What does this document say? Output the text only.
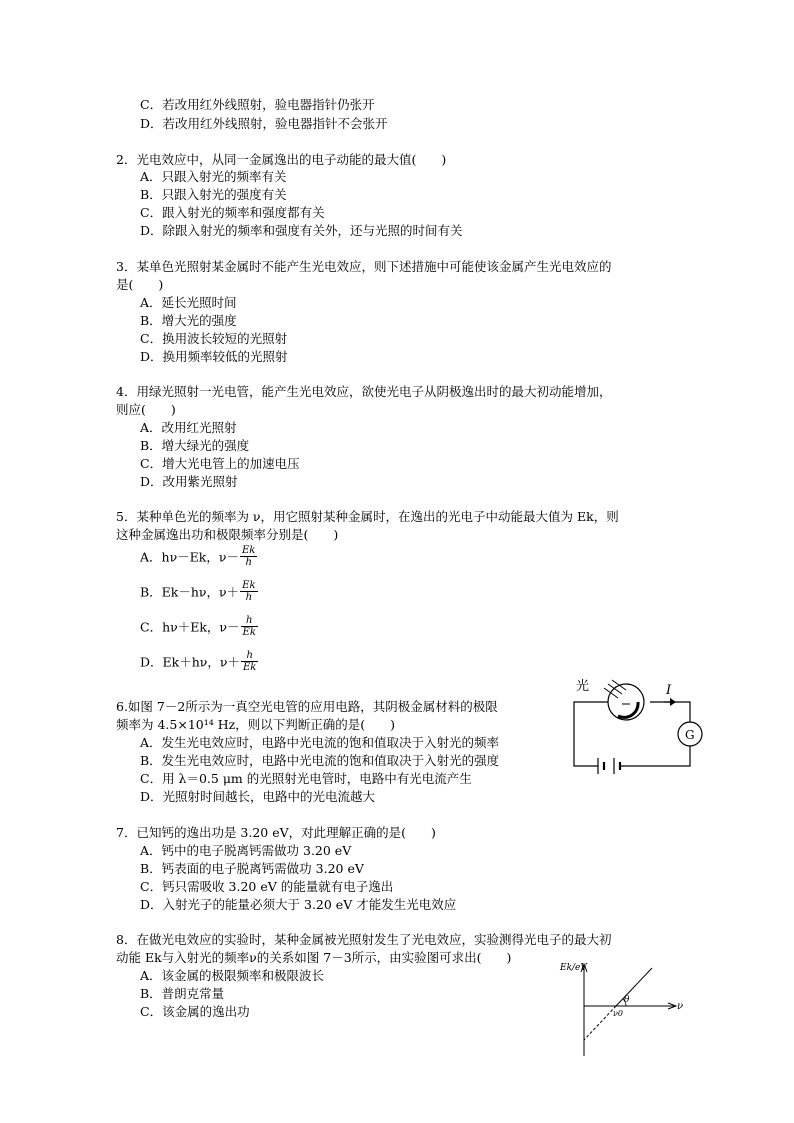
C．若改用红外线照射，验电器指针仍张开
D．若改用红外线照射，验电器指针不会张开
2．光电效应中，从同一金属逸出的电子动能的最大值(　　)
A．只跟入射光的频率有关
B．只跟入射光的强度有关
C．跟入射光的频率和强度都有关
D．除跟入射光的频率和强度有关外，还与光照的时间有关
3．某单色光照射某金属时不能产生光电效应，则下述措施中可能使该金属产生光电效应的
是(　　)
A．延长光照时间
B．增大光的强度
C．换用波长较短的光照射
D．换用频率较低的光照射
4．用绿光照射一光电管，能产生光电效应，欲使光电子从阴极逸出时的最大初动能增加，
则应(　　)
A．改用红光照射
B．增大绿光的强度
C．增大光电管上的加速电压
D．改用紫光照射
5．某种单色光的频率为 ν，用它照射某种金属时，在逸出的光电子中动能最大值为 Ek，则
这种金属逸出功和极限频率分别是(　　)
A．hν－Ek，$\nu- \frac{Ek}{h}$
B．Ek－hν，$\nu+ \frac{Ek}{h}$
C．hν＋Ek，$\nu- \frac{h}{Ek}$
D．Ek＋hν，$\nu+ \frac{h}{Ek}$
6.如图 7－2所示为一真空光电管的应用电路，其阴极金属材料的极限
频率为 4.5×10¹⁴ Hz，则以下判断正确的是(　　)
A．发生光电效应时，电路中光电流的饱和值取决于入射光的频率
B．发生光电效应时，电路中光电流的饱和值取决于入射光的强度
C．用 λ＝0.5 μm 的光照射光电管时，电路中有光电流产生
D．光照射时间越长，电路中的光电流越大
I
光
G
7．已知钙的逸出功是 3.20 eV，对此理解正确的是(　　)
A．钙中的电子脱离钙需做功 3.20 eV
B．钙表面的电子脱离钙需做功 3.20 eV
C．钙只需吸收 3.20 eV 的能量就有电子逸出
D．入射光子的能量必须大于 3.20 eV 才能发生光电效应
8．在做光电效应的实验时，某种金属被光照射发生了光电效应，实验测得光电子的最大初
动能 Ek与入射光的频率ν的关系如图 7－3所示，由实验图可求出(　　)
A．该金属的极限频率和极限波长
B．普朗克常量
C．该金属的逸出功
Ek/eV
ν
θ
ν0
